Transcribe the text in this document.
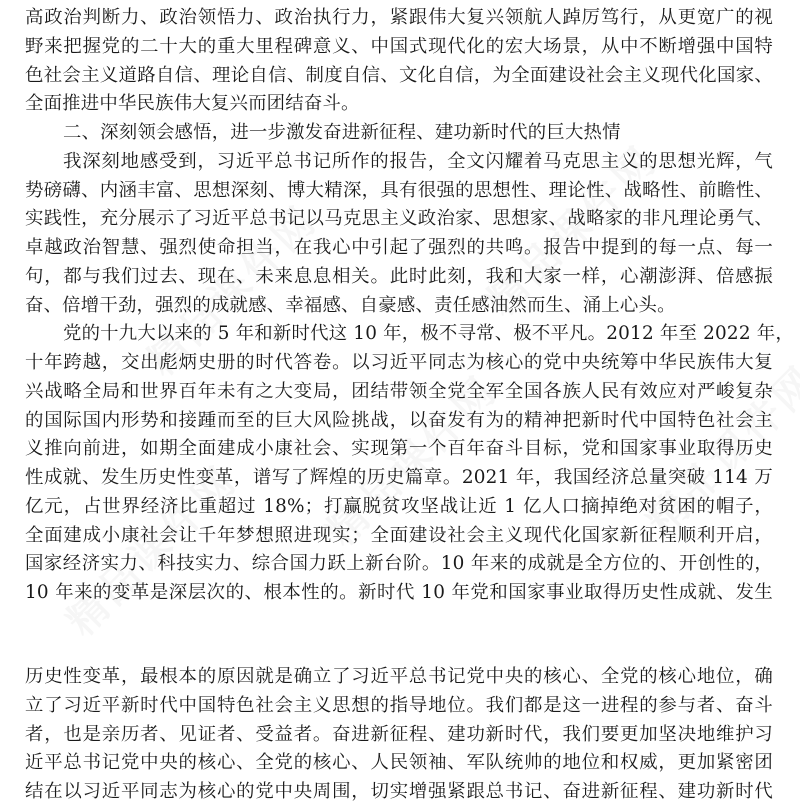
高政治判断力、政治领悟力、政治执行力，紧跟伟大复兴领航人踔厉笃行，从更宽广的视
野来把握党的二十大的重大里程碑意义、中国式现代化的宏大场景，从中不断增强中国特
色社会主义道路自信、理论自信、制度自信、文化自信，为全面建设社会主义现代化国家、
全面推进中华民族伟大复兴而团结奋斗。
二、深刻领会感悟，进一步激发奋进新征程、建功新时代的巨大热情
我深刻地感受到，习近平总书记所作的报告，全文闪耀着马克思主义的思想光辉，气
势磅礴、内涵丰富、思想深刻、博大精深，具有很强的思想性、理论性、战略性、前瞻性、
实践性，充分展示了习近平总书记以马克思主义政治家、思想家、战略家的非凡理论勇气、
卓越政治智慧、强烈使命担当，在我心中引起了强烈的共鸣。报告中提到的每一点、每一
句，都与我们过去、现在、未来息息相关。此时此刻，我和大家一样，心潮澎湃、倍感振
奋、倍增干劲，强烈的成就感、幸福感、自豪感、责任感油然而生、涌上心头。
党的十九大以来的 5 年和新时代这 10 年，极不寻常、极不平凡。2012 年至 2022 年，
十年跨越，交出彪炳史册的时代答卷。以习近平同志为核心的党中央统筹中华民族伟大复
兴战略全局和世界百年未有之大变局，团结带领全党全军全国各族人民有效应对严峻复杂
的国际国内形势和接踵而至的巨大风险挑战，以奋发有为的精神把新时代中国特色社会主
义推向前进，如期全面建成小康社会、实现第一个百年奋斗目标，党和国家事业取得历史
性成就、发生历史性变革，谱写了辉煌的历史篇章。2021 年，我国经济总量突破 114 万
亿元，占世界经济比重超过 18%；打赢脱贫攻坚战让近 1 亿人口摘掉绝对贫困的帽子，
全面建成小康社会让千年梦想照进现实；全面建设社会主义现代化国家新征程顺利开启，
国家经济实力、科技实力、综合国力跃上新台阶。10 年来的成就是全方位的、开创性的，
10 年来的变革是深层次的、根本性的。新时代 10 年党和国家事业取得历史性成就、发生
历史性变革，最根本的原因就是确立了习近平总书记党中央的核心、全党的核心地位，确
立了习近平新时代中国特色社会主义思想的指导地位。我们都是这一进程的参与者、奋斗
者，也是亲历者、见证者、受益者。奋进新征程、建功新时代，我们要更加坚决地维护习
近平总书记党中央的核心、全党的核心、人民领袖、军队统帅的地位和权威，更加紧密团
结在以习近平同志为核心的党中央周围，切实增强紧跟总书记、奋进新征程、建功新时代
